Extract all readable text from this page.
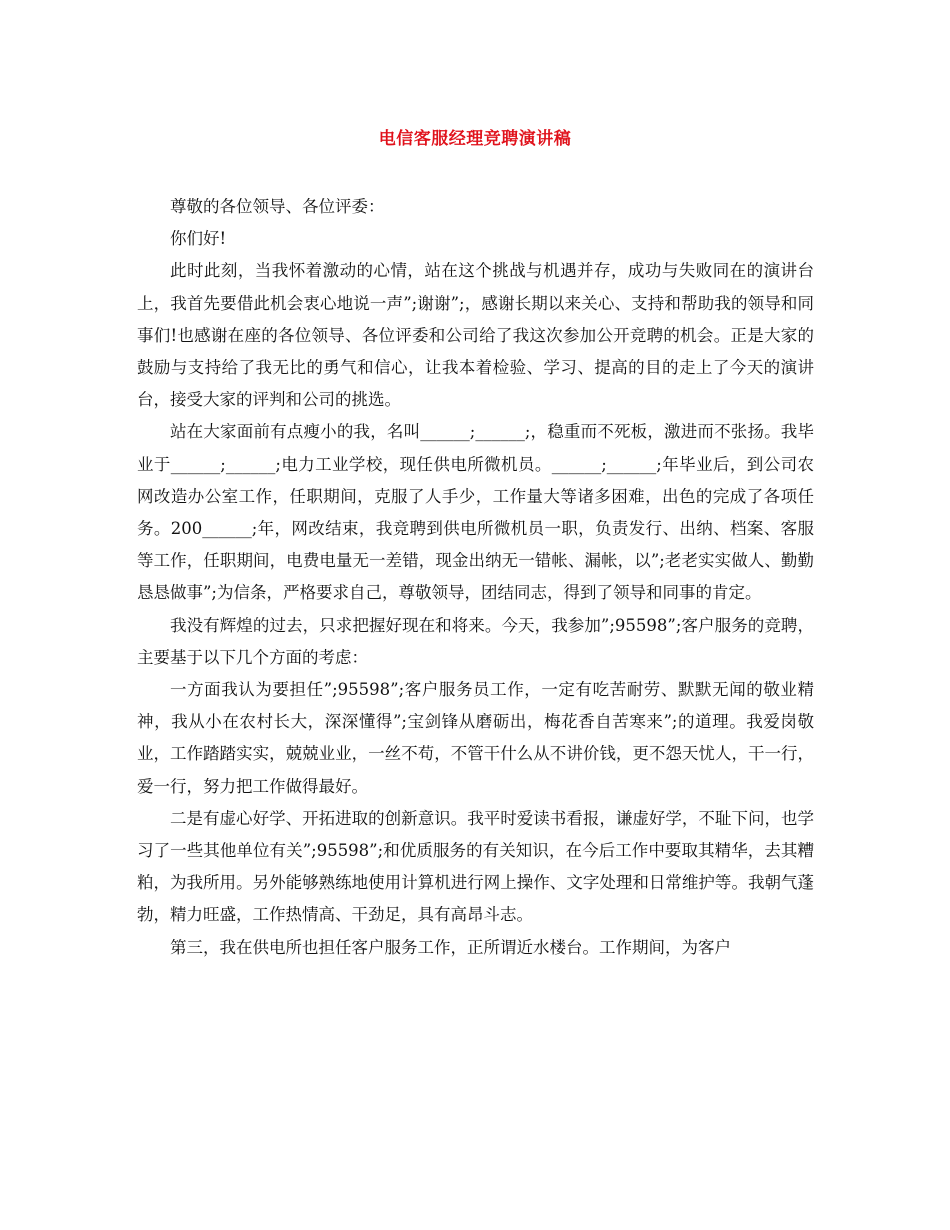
电信客服经理竞聘演讲稿

尊敬的各位领导、各位评委：

你们好!

此时此刻，当我怀着激动的心情，站在这个挑战与机遇并存，成功与失败同在的演讲台上，我首先要借此机会衷心地说一声”;谢谢”;，感谢长期以来关心、支持和帮助我的领导和同事们!也感谢在座的各位领导、各位评委和公司给了我这次参加公开竞聘的机会。正是大家的鼓励与支持给了我无比的勇气和信心，让我本着检验、学习、提高的目的走上了今天的演讲台，接受大家的评判和公司的挑选。

站在大家面前有点瘦小的我，名叫______;______;，稳重而不死板，激进而不张扬。我毕业于______;______;电力工业学校，现任供电所微机员。______;______;年毕业后，到公司农网改造办公室工作，任职期间，克服了人手少，工作量大等诸多困难，出色的完成了各项任务。200______;年，网改结束，我竞聘到供电所微机员一职，负责发行、出纳、档案、客服等工作，任职期间，电费电量无一差错，现金出纳无一错帐、漏帐，以”;老老实实做人、勤勤恳恳做事”;为信条，严格要求自己，尊敬领导，团结同志，得到了领导和同事的肯定。

我没有辉煌的过去，只求把握好现在和将来。今天，我参加”;95598”;客户服务的竞聘，主要基于以下几个方面的考虑：

一方面我认为要担任”;95598”;客户服务员工作，一定有吃苦耐劳、默默无闻的敬业精神，我从小在农村长大，深深懂得”;宝剑锋从磨砺出，梅花香自苦寒来”;的道理。我爱岗敬业，工作踏踏实实，兢兢业业，一丝不苟，不管干什么从不讲价钱，更不怨天忧人，干一行，爱一行，努力把工作做得最好。

二是有虚心好学、开拓进取的创新意识。我平时爱读书看报，谦虚好学，不耻下问，也学习了一些其他单位有关”;95598”;和优质服务的有关知识，在今后工作中要取其精华，去其糟粕，为我所用。另外能够熟练地使用计算机进行网上操作、文字处理和日常维护等。我朝气蓬勃，精力旺盛，工作热情高、干劲足，具有高昂斗志。

第三，我在供电所也担任客户服务工作，正所谓近水楼台。工作期间，为客户
